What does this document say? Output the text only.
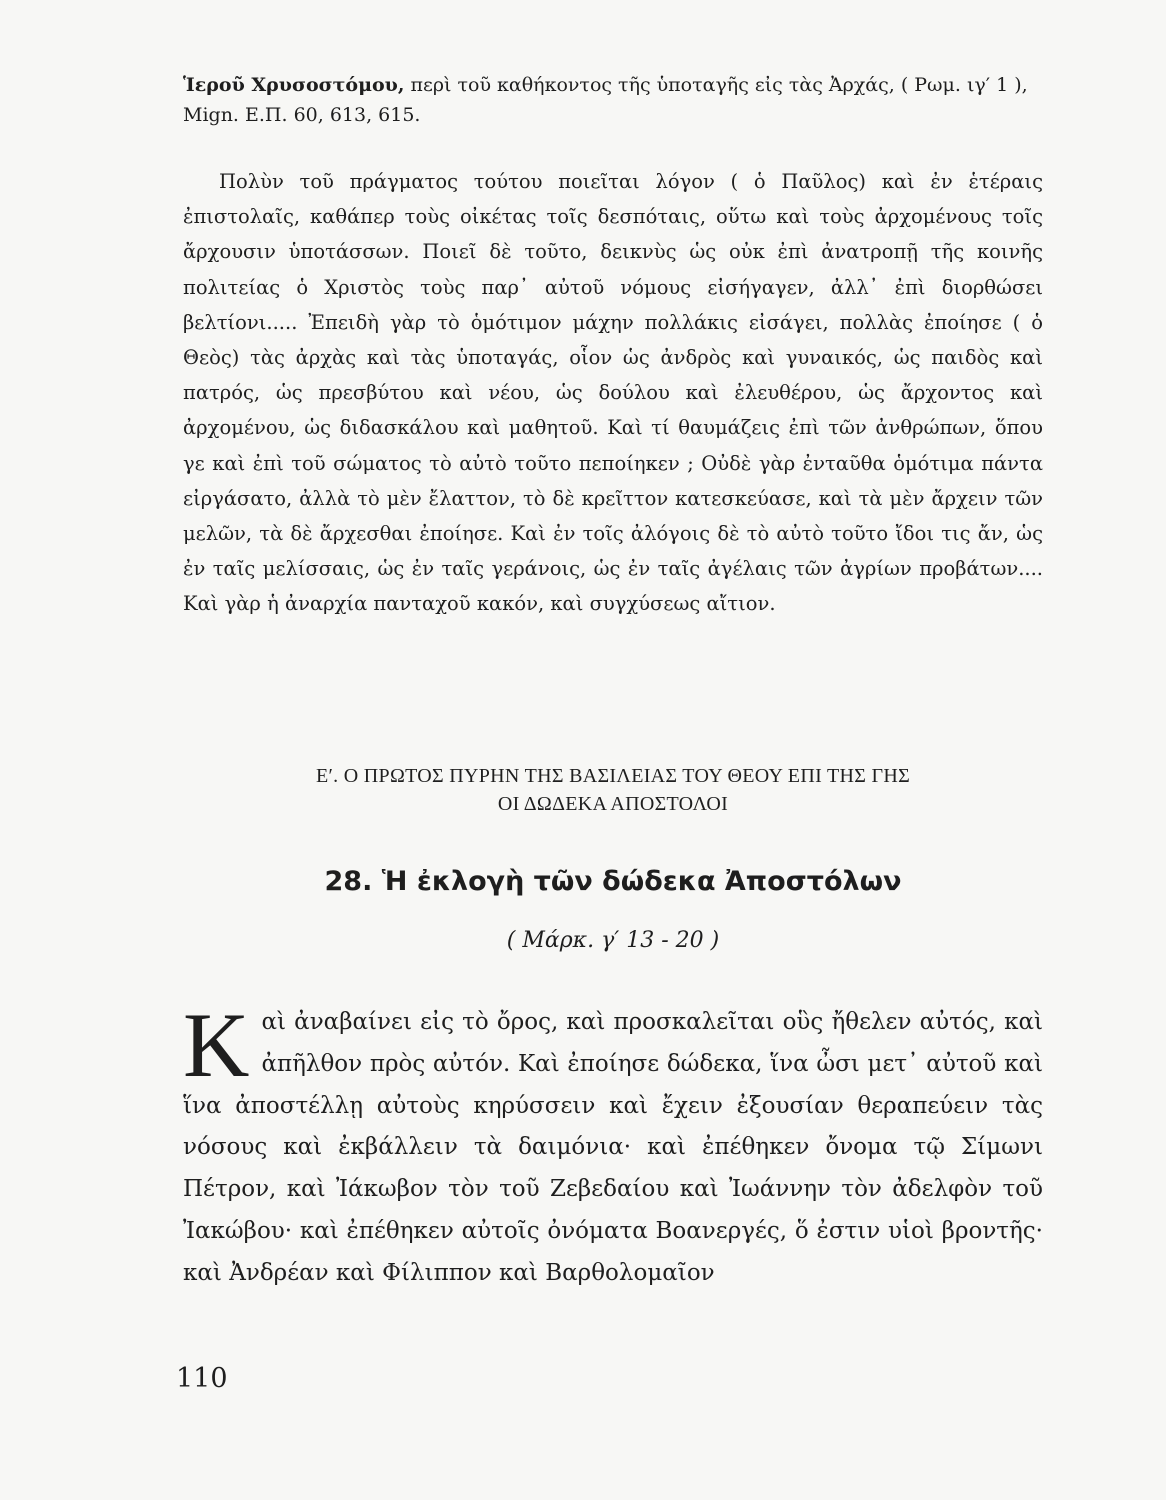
Ἱεροῦ Χρυσοστόμου, περὶ τοῦ καθήκοντος τῆς ὑποταγῆς εἰς τὰς Ἀρχάς, ( Ρωμ. ιγ′ 1 ), Mign. Ε.Π. 60, 613, 615.

Πολὺν τοῦ πράγματος τούτου ποιεῖται λόγον ( ὁ Παῦλος) καὶ ἐν ἑτέραις ἐπιστολαῖς, καθάπερ τοὺς οἰκέτας τοῖς δεσπόταις, οὕτω καὶ τοὺς ἀρχομένους τοῖς ἄρχουσιν ὑποτάσσων. Ποιεῖ δὲ τοῦτο, δεικνὺς ὡς οὐκ ἐπὶ ἀνατροπῇ τῆς κοινῆς πολιτείας ὁ Χριστὸς τοὺς παρ᾽ αὐτοῦ νόμους εἰσήγαγεν, ἀλλ᾽ ἐπὶ διορθώσει βελτίονι..... Ἐπειδὴ γὰρ τὸ ὁμότιμον μάχην πολλάκις εἰσάγει, πολλὰς ἐποίησε ( ὁ Θεὸς) τὰς ἀρχὰς καὶ τὰς ὑποταγάς, οἷον ὡς ἀνδρὸς καὶ γυναικός, ὡς παιδὸς καὶ πατρός, ὡς πρεσβύτου καὶ νέου, ὡς δούλου καὶ ἐλευθέρου, ὡς ἄρχοντος καὶ ἀρχομένου, ὡς διδασκάλου καὶ μαθητοῦ. Καὶ τί θαυμάζεις ἐπὶ τῶν ἀνθρώπων, ὅπου γε καὶ ἐπὶ τοῦ σώματος τὸ αὐτὸ τοῦτο πεποίηκεν ; Οὐδὲ γὰρ ἐνταῦθα ὁμότιμα πάντα εἰργάσατο, ἀλλὰ τὸ μὲν ἔλαττον, τὸ δὲ κρεῖττον κατεσκεύασε, καὶ τὰ μὲν ἄρχειν τῶν μελῶν, τὰ δὲ ἄρχεσθαι ἐποίησε. Καὶ ἐν τοῖς ἀλόγοις δὲ τὸ αὐτὸ τοῦτο ἴδοι τις ἄν, ὡς ἐν ταῖς μελίσσαις, ὡς ἐν ταῖς γεράνοις, ὡς ἐν ταῖς ἀγέλαις τῶν ἀγρίων προβάτων.... Καὶ γὰρ ἡ ἀναρχία πανταχοῦ κακόν, καὶ συγχύσεως αἴτιον.

Ε′. Ο ΠΡΩΤΟΣ ΠΥΡΗΝ ΤΗΣ ΒΑΣΙΛΕΙΑΣ ΤΟΥ ΘΕΟΥ ΕΠΙ ΤΗΣ ΓΗΣ
ΟΙ ΔΩΔΕΚΑ ΑΠΟΣΤΟΛΟΙ
28. Ἡ ἐκλογὴ τῶν δώδεκα Ἀποστόλων
( Μάρκ. γ′ 13 - 20 )

Καὶ ἀναβαίνει εἰς τὸ ὄρος, καὶ προσκαλεῖται οὓς ἤθελεν αὐτός, καὶ ἀπῆλθον πρὸς αὐτόν. Καὶ ἐποίησε δώδεκα, ἵνα ὦσι μετ᾽ αὐτοῦ καὶ ἵνα ἀποστέλλῃ αὐτοὺς κηρύσσειν καὶ ἔχειν ἐξουσίαν θεραπεύειν τὰς νόσους καὶ ἐκβάλλειν τὰ δαιμόνια· καὶ ἐπέθηκεν ὄνομα τῷ Σίμωνι Πέτρον, καὶ Ἰάκωβον τὸν τοῦ Ζεβεδαίου καὶ Ἰωάννην τὸν ἀδελφὸν τοῦ Ἰακώβου· καὶ ἐπέθηκεν αὐτοῖς ὀνόματα Βοανεργές, ὅ ἐστιν υἱοὶ βροντῆς· καὶ Ἀνδρέαν καὶ Φίλιππον καὶ Βαρθολομαῖον

110
